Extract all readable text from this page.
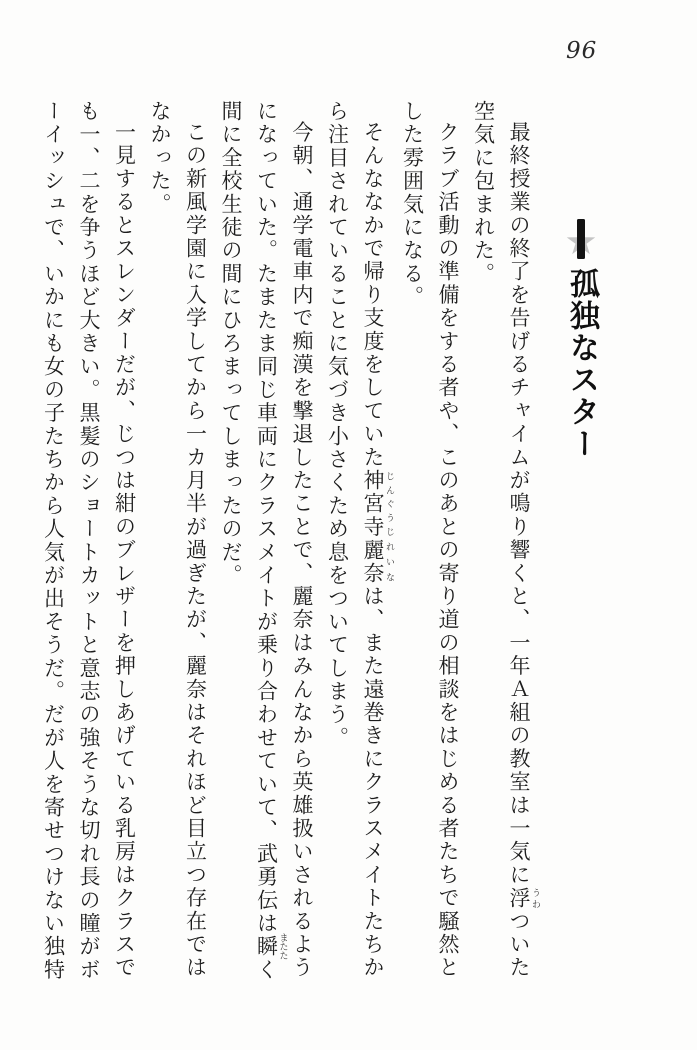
96
孤独なスター

最終授業の終了を告げるチャイムが鳴り響くと、一年Ａ組の教室は一気に浮 うわついた空気に包まれた。

クラブ活動の準備をする者や、このあとの寄り道の相談をはじめる者たちで騒然とした雰囲気になる。

そんななかで帰り支度をしていた神宮寺 じんぐうじ麗奈 れいなは、また遠巻きにクラスメイトたちから注目されていることに気づき小さくため息をついてしまう。

今朝、通学電車内で痴漢を撃退したことで、麗奈はみんなから英雄扱いされるようになっていた。たまたま同じ車両にクラスメイトが乗り合わせていて、武勇伝は瞬 またたく間に全校生徒の間にひろまってしまったのだ。

この新風学園に入学してから一カ月半が過ぎたが、麗奈はそれほど目立つ存在ではなかった。

一見するとスレンダーだが、じつは紺のブレザーを押しあげている乳房はクラスでも一、二を争うほど大きい。黒髪のショートカットと意志の強そうな切れ長の瞳がボーイッシュで、いかにも女の子たちから人気が出そうだ。だが人を寄せつけない独特
